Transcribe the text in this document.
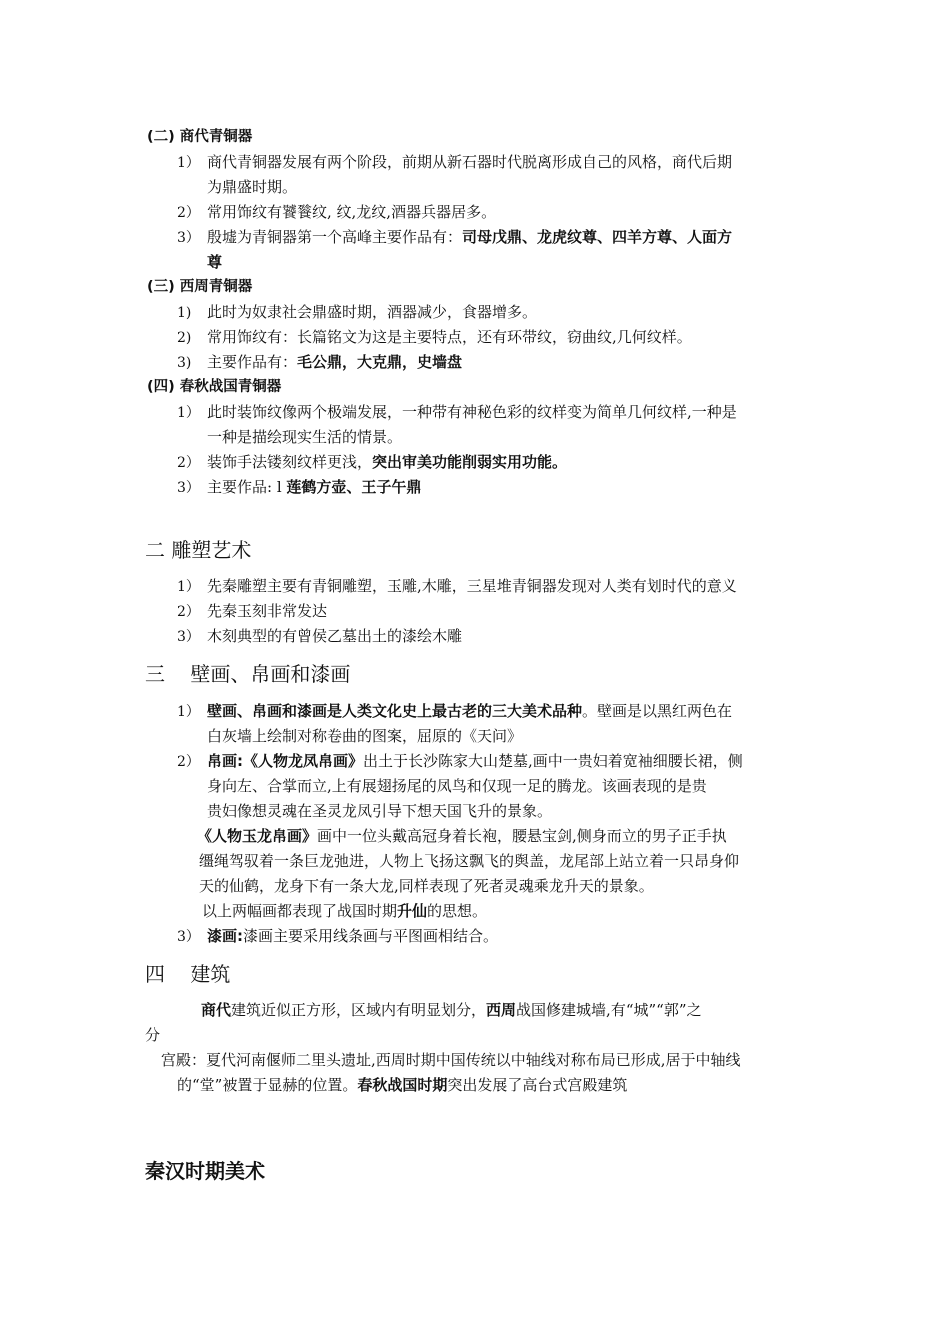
(二) 商代青铜器
1） 商代青铜器发展有两个阶段，前期从新石器时代脱离形成自己的风格，商代后期
为鼎盛时期。
2） 常用饰纹有饕餮纹, 纹,龙纹,酒器兵器居多。
3） 殷墟为青铜器第一个高峰主要作品有：司母戊鼎、龙虎纹尊、四羊方尊、人面方
尊
(三) 西周青铜器
1) 此时为奴隶社会鼎盛时期，酒器减少，食器增多。
2) 常用饰纹有：长篇铭文为这是主要特点，还有环带纹，窃曲纹,几何纹样。
3) 主要作品有：毛公鼎，大克鼎，史墙盘
(四) 春秋战国青铜器
1） 此时装饰纹像两个极端发展，一种带有神秘色彩的纹样变为简单几何纹样,一种是
一种是描绘现实生活的情景。
2） 装饰手法镂刻纹样更浅，突出审美功能削弱实用功能。
3） 主要作品: l 莲鹤方壶、王子午鼎
二 雕塑艺术
1） 先秦雕塑主要有青铜雕塑，玉雕,木雕，三星堆青铜器发现对人类有划时代的意义
2） 先秦玉刻非常发达
3） 木刻典型的有曾侯乙墓出土的漆绘木雕
三    壁画、帛画和漆画
1） 壁画、帛画和漆画是人类文化史上最古老的三大美术品种。壁画是以黑红两色在
白灰墙上绘制对称卷曲的图案，屈原的《天问》
2） 帛画:《人物龙凤帛画》出土于长沙陈家大山楚墓,画中一贵妇着宽袖细腰长裙，侧
身向左、合掌而立,上有展翅扬尾的凤鸟和仅现一足的腾龙。该画表现的是贵
贵妇像想灵魂在圣灵龙凤引导下想天国飞升的景象。
《人物玉龙帛画》画中一位头戴高冠身着长袍，腰悬宝剑,侧身而立的男子正手执
缰绳驾驭着一条巨龙弛进，人物上飞扬这飘飞的舆盖，龙尾部上站立着一只昂身仰
天的仙鹤，龙身下有一条大龙,同样表现了死者灵魂乘龙升天的景象。
以上两幅画都表现了战国时期升仙的思想。
3） 漆画:漆画主要采用线条画与平图画相结合。
四    建筑
商代建筑近似正方形，区域内有明显划分，西周战国修建城墙,有“城”“郭”之
分
宫殿：夏代河南偃师二里头遗址,西周时期中国传统以中轴线对称布局已形成,居于中轴线
的“堂”被置于显赫的位置。春秋战国时期突出发展了高台式宫殿建筑
秦汉时期美术
